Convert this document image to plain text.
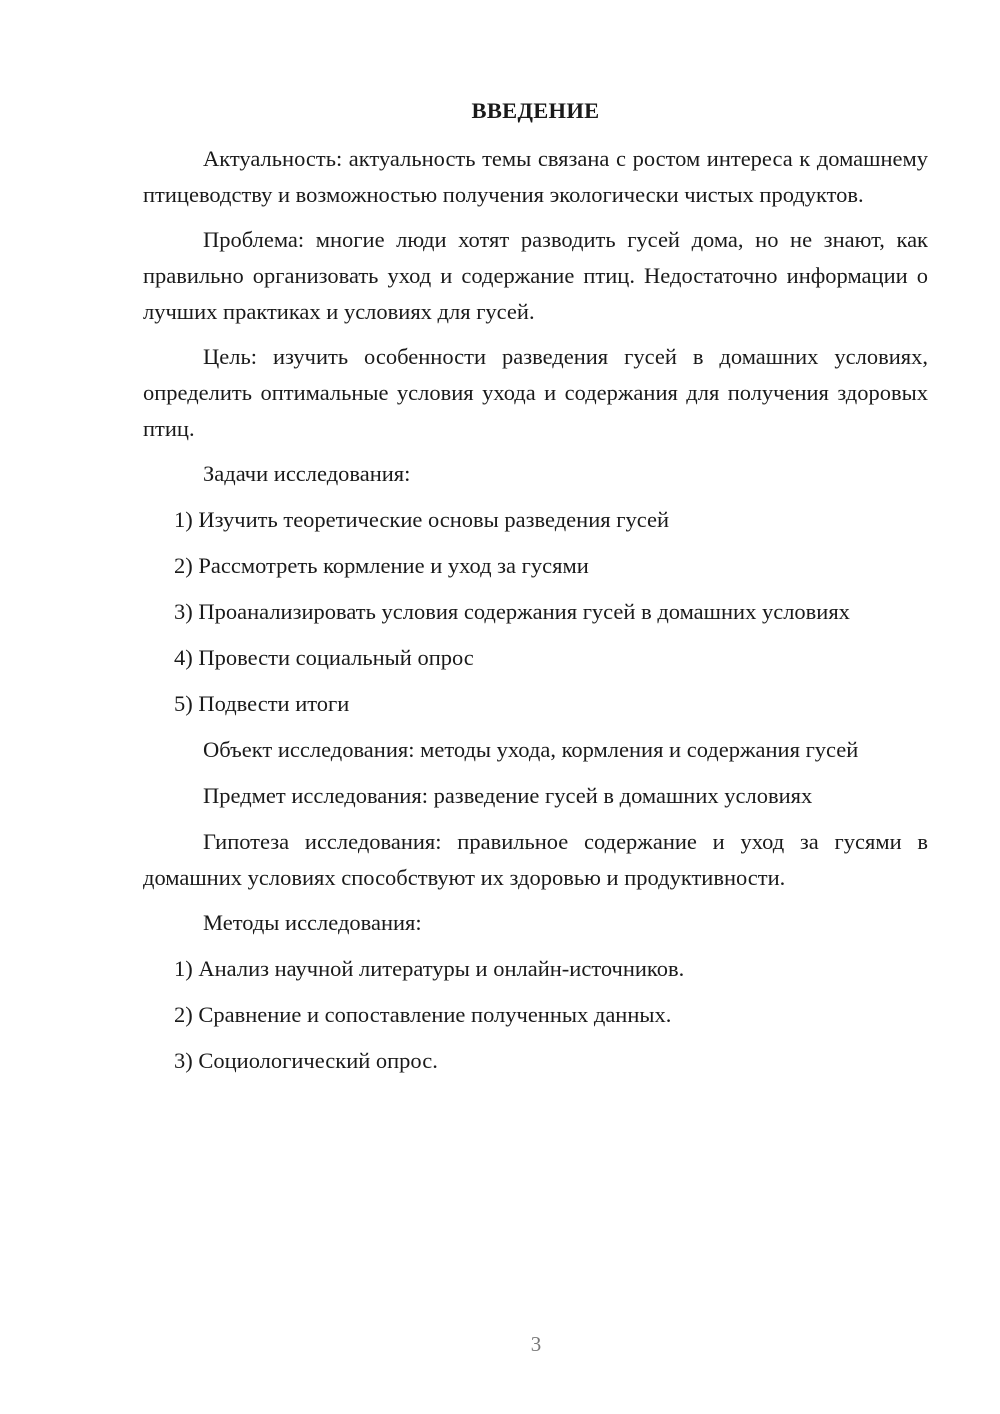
ВВЕДЕНИЕ
Актуальность: актуальность темы связана с ростом интереса к домашнему птицеводству и возможностью получения экологически чистых продуктов.
Проблема: многие люди хотят разводить гусей дома, но не знают, как правильно организовать уход и содержание птиц. Недостаточно информации о лучших практиках и условиях для гусей.
Цель: изучить особенности разведения гусей в домашних условиях, определить оптимальные условия ухода и содержания для получения здоровых птиц.
Задачи исследования:
1) Изучить теоретические основы разведения гусей
2) Рассмотреть кормление и уход за гусями
3) Проанализировать условия содержания гусей в домашних условиях
4) Провести социальный опрос
5) Подвести итоги
Объект исследования: методы ухода, кормления и содержания гусей
Предмет исследования: разведение гусей в домашних условиях
Гипотеза исследования: правильное содержание и уход за гусями в домашних условиях способствуют их здоровью и продуктивности.
Методы исследования:
1) Анализ научной литературы и онлайн-источников.
2) Сравнение и сопоставление полученных данных.
3) Социологический опрос.
3
